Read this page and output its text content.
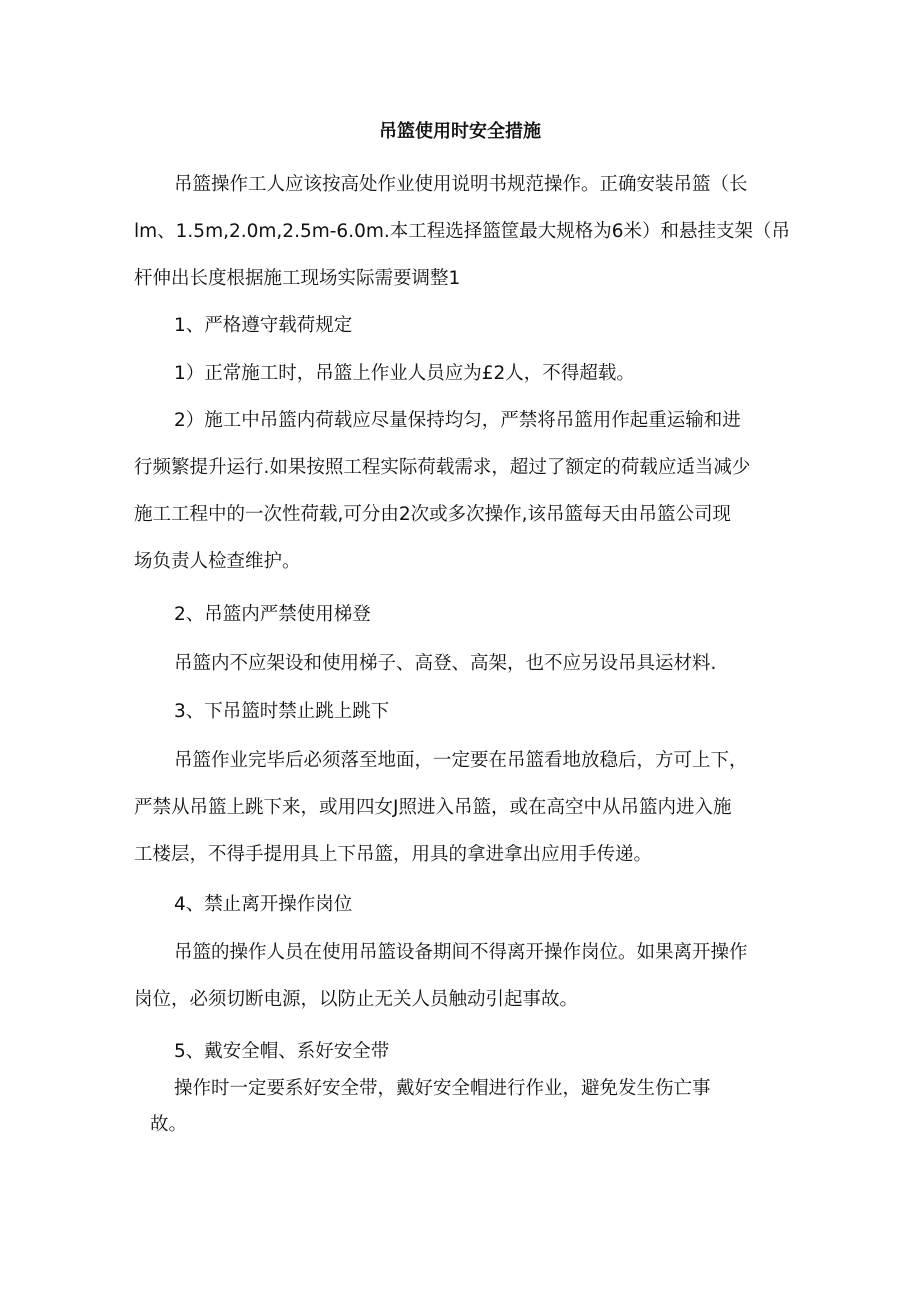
吊篮使用时安全措施
吊篮操作工人应该按高处作业使用说明书规范操作。正确安装吊篮（长
lm、1.5m,2.0m,2.5m-6.0m.本工程选择篮筐最大规格为6米）和悬挂支架（吊
杆伸出长度根据施工现场实际需要调整1
1、严格遵守载荷规定
1）正常施工时，吊篮上作业人员应为£2人，不得超载。
2）施工中吊篮内荷载应尽量保持均匀，严禁将吊篮用作起重运输和进
行频繁提升运行.如果按照工程实际荷载需求，超过了额定的荷载应适当减少
施工工程中的一次性荷载,可分由2次或多次操作,该吊篮每天由吊篮公司现
场负责人检查维护。
2、吊篮内严禁使用梯登
吊篮内不应架设和使用梯子、高登、高架，也不应另设吊具运材料.
3、下吊篮时禁止跳上跳下
吊篮作业完毕后必须落至地面，一定要在吊篮看地放稳后，方可上下，
严禁从吊篮上跳下来，或用四女J照进入吊篮，或在高空中从吊篮内进入施
工楼层，不得手提用具上下吊篮，用具的拿进拿出应用手传递。
4、禁止离开操作岗位
吊篮的操作人员在使用吊篮设备期间不得离开操作岗位。如果离开操作
岗位，必须切断电源，以防止无关人员触动引起事故。
5、戴安全帽、系好安全带
操作时一定要系好安全带，戴好安全帽进行作业，避免发生伤亡事
故。
